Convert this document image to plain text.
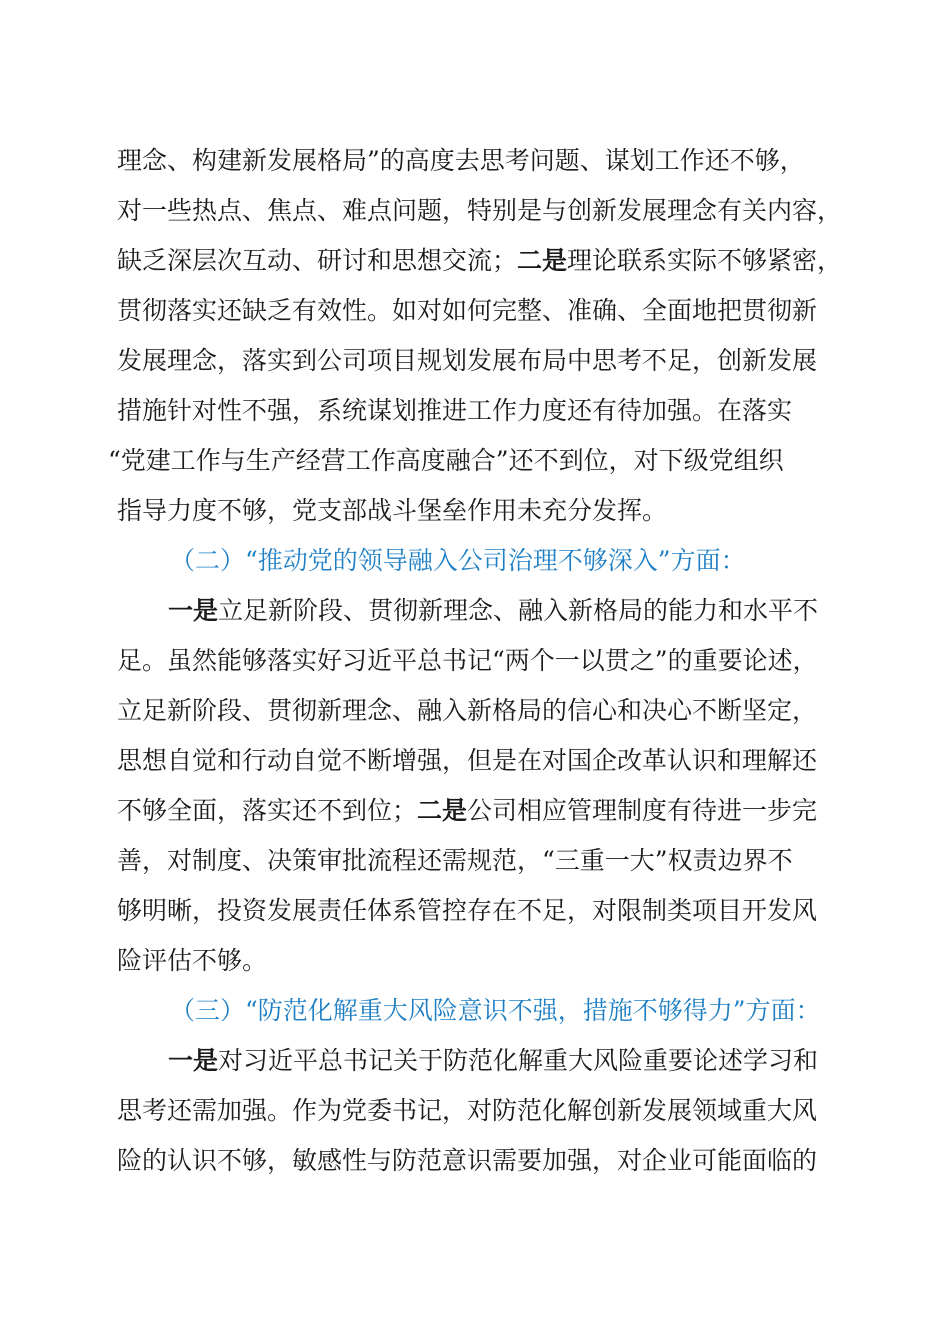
理念、构建新发展格局”的高度去思考问题、谋划工作还不够，
对一些热点、焦点、难点问题，特别是与创新发展理念有关内容，
缺乏深层次互动、研讨和思想交流；二是理论联系实际不够紧密，
贯彻落实还缺乏有效性。如对如何完整、准确、全面地把贯彻新
发展理念，落实到公司项目规划发展布局中思考不足，创新发展
措施针对性不强，系统谋划推进工作力度还有待加强。在落实
“党建工作与生产经营工作高度融合”还不到位，对下级党组织
指导力度不够，党支部战斗堡垒作用未充分发挥。
（二）“推动党的领导融入公司治理不够深入”方面：
一是立足新阶段、贯彻新理念、融入新格局的能力和水平不
足。虽然能够落实好习近平总书记“两个一以贯之”的重要论述，
立足新阶段、贯彻新理念、融入新格局的信心和决心不断坚定，
思想自觉和行动自觉不断增强，但是在对国企改革认识和理解还
不够全面，落实还不到位；二是公司相应管理制度有待进一步完
善，对制度、决策审批流程还需规范，“三重一大”权责边界不
够明晰，投资发展责任体系管控存在不足，对限制类项目开发风
险评估不够。
（三）“防范化解重大风险意识不强，措施不够得力”方面：
一是对习近平总书记关于防范化解重大风险重要论述学习和
思考还需加强。作为党委书记，对防范化解创新发展领域重大风
险的认识不够，敏感性与防范意识需要加强，对企业可能面临的
